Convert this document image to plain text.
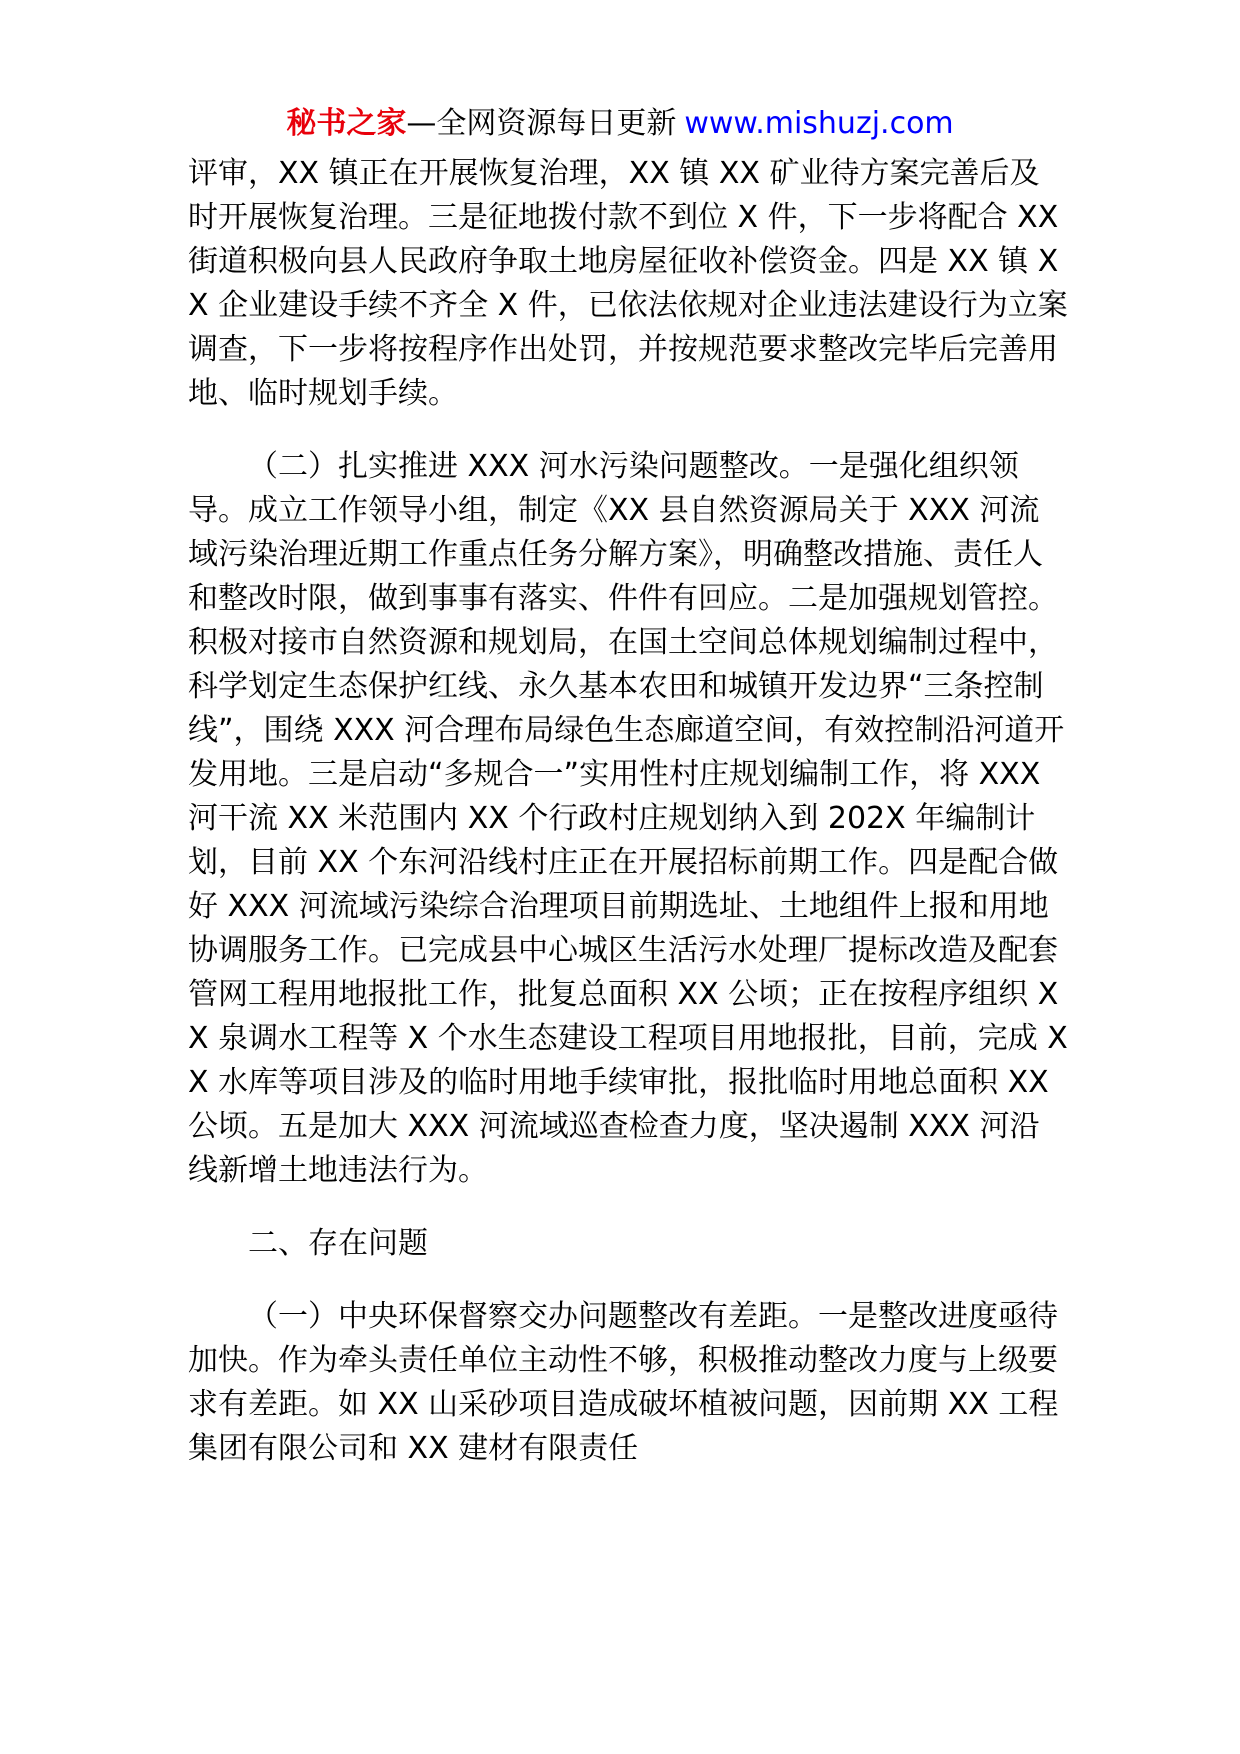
秘书之家—全网资源每日更新 www.mishuzj.com

评审，XX 镇正在开展恢复治理，XX 镇 XX 矿业待方案完善后及时开展恢复治理。三是征地拨付款不到位 X 件，下一步将配合 XX 街道积极向县人民政府争取土地房屋征收补偿资金。四是 XX 镇 XX 企业建设手续不齐全 X 件，已依法依规对企业违法建设行为立案调查，下一步将按程序作出处罚，并按规范要求整改完毕后完善用地、临时规划手续。

（二）扎实推进 XXX 河水污染问题整改。一是强化组织领导。成立工作领导小组，制定《XX 县自然资源局关于 XXX 河流域污染治理近期工作重点任务分解方案》，明确整改措施、责任人和整改时限，做到事事有落实、件件有回应。二是加强规划管控。积极对接市自然资源和规划局，在国土空间总体规划编制过程中，科学划定生态保护红线、永久基本农田和城镇开发边界“三条控制线”，围绕 XXX 河合理布局绿色生态廊道空间，有效控制沿河道开发用地。三是启动“多规合一”实用性村庄规划编制工作，将 XXX 河干流 XX 米范围内 XX 个行政村庄规划纳入到 202X 年编制计划，目前 XX 个东河沿线村庄正在开展招标前期工作。四是配合做好 XXX 河流域污染综合治理项目前期选址、土地组件上报和用地协调服务工作。已完成县中心城区生活污水处理厂提标改造及配套管网工程用地报批工作，批复总面积 XX 公顷；正在按程序组织 XX 泉调水工程等 X 个水生态建设工程项目用地报批，目前，完成 XX 水库等项目涉及的临时用地手续审批，报批临时用地总面积 XX 公顷。五是加大 XXX 河流域巡查检查力度，坚决遏制 XXX 河沿线新增土地违法行为。

二、存在问题

（一）中央环保督察交办问题整改有差距。一是整改进度亟待加快。作为牵头责任单位主动性不够，积极推动整改力度与上级要求有差距。如 XX 山采砂项目造成破坏植被问题，因前期 XX 工程集团有限公司和 XX 建材有限责任
